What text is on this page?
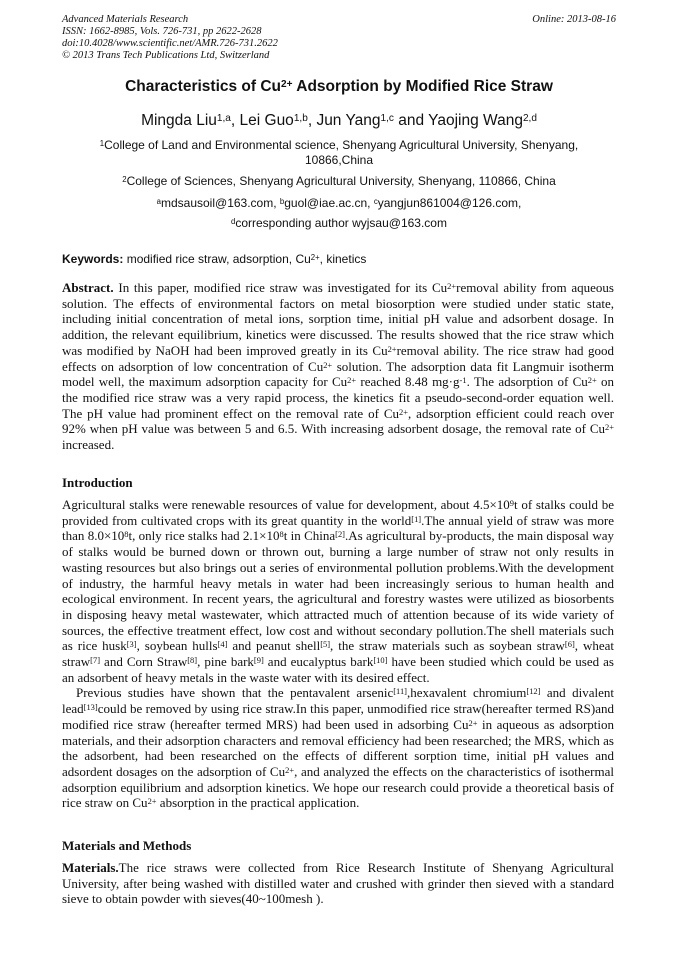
Advanced Materials Research	Online: 2013-08-16
ISSN: 1662-8985, Vols. 726-731, pp 2622-2628
doi:10.4028/www.scientific.net/AMR.726-731.2622
© 2013 Trans Tech Publications Ltd, Switzerland
Characteristics of $Cu^{2+}$ Adsorption by Modified Rice Straw
Mingda Liu$^{1,a}$, Lei Guo$^{1,b}$, Jun Yang$^{1,c}$ and Yaojing Wang$^{2,d}$
$^1$College of Land and Environmental science, Shenyang Agricultural University, Shenyang,
10866,China
$^2$College of Sciences, Shenyang Agricultural University, Shenyang, 110866, China
$^a$mdsausoil@163.com, $^b$guol@iae.ac.cn, $^c$yangjun861004@126.com,
$^d$corresponding author wyjsau@163.com
Keywords: modified rice straw, adsorption, $Cu^{2+}$, kinetics

Abstract. In this paper, modified rice straw was investigated for its $Cu^{2+}removal$ ability from aqueous solution. The effects of environmental factors on metal biosorption were studied under static state, including initial concentration of metal ions, sorption time, initial pH value and adsorbent dosage. In addition, the relevant equilibrium, kinetics were discussed. The results showed that the rice straw which was modified by NaOH had been improved greatly in its $Cu^{2+}removal$ ability. The rice straw had good effects on adsorption of low concentration of $Cu^{2+}$ solution. The adsorption data fit Langmuir isotherm model well, the maximum adsorption capacity for $Cu^{2+}$ reached 8.48 $mg\cdot g^{-1}$. The adsorption of $Cu^{2+}$ on the modified rice straw was a very rapid process, the kinetics fit a pseudo-second-order equation well. The pH value had prominent effect on the removal rate of $Cu^{2+}$, adsorption efficient could reach over 92% when pH value was between 5 and 6.5. With increasing adsorbent dosage, the removal rate of $Cu^{2+}$ increased.

Introduction

Agricultural stalks were renewable resources of value for development, about $4.5\times 10^9t$ of stalks could be provided from cultivated crops with its great quantity in the world[1].The annual yield of straw was more than $8.0\times 10^8t$, only rice stalks had $2.1\times 10^8t$ in China[2].As agricultural by-products, the main disposal way of stalks would be burned down or thrown out, burning a large number of straw not only results in wasting resources but also brings out a series of environmental pollution problems.With the development of industry, the harmful heavy metals in water had been increasingly serious to human health and ecological environment. In recent years, the agricultural and forestry wastes were utilized as biosorbents in disposing heavy metal wastewater, which attracted much of attention because of its wide variety of sources, the effective treatment effect, low cost and without secondary pollution.The shell materials such as rice husk[3], soybean hulls[4] and peanut shell[5], the straw materials such as soybean straw[6], wheat straw[7] and Corn Straw[8], pine bark[9] and eucalyptus bark[10] have been studied which could be used as an adsorbent of heavy metals in the waste water with its desired effect.

Previous studies have shown that the pentavalent arsenic[11],hexavalent chromium[12] and divalent lead[13]could be removed by using rice straw.In this paper, unmodified rice straw(hereafter termed RS)and modified rice straw (hereafter termed MRS) had been used in adsorbing $Cu^{2+}$ in aqueous as adsorption materials, and their adsorption characters and removal efficiency had been researched; the MRS, which as the adsorbent, had been researched on the effects of different sorption time, initial pH values and adsordent dosages on the adsorption of $Cu^{2+}$, and analyzed the effects on the characteristics of isothermal adsorption equilibrium and adsorption kinetics. We hope our research could provide a theoretical basis of rice straw on $Cu^{2+}$ absorption in the practical application.

Materials and Methods

Materials.The rice straws were collected from Rice Research Institute of Shenyang Agricultural University, after being washed with distilled water and crushed with grinder then sieved with a standard sieve to obtain powder with sieves(40~100mesh ).
